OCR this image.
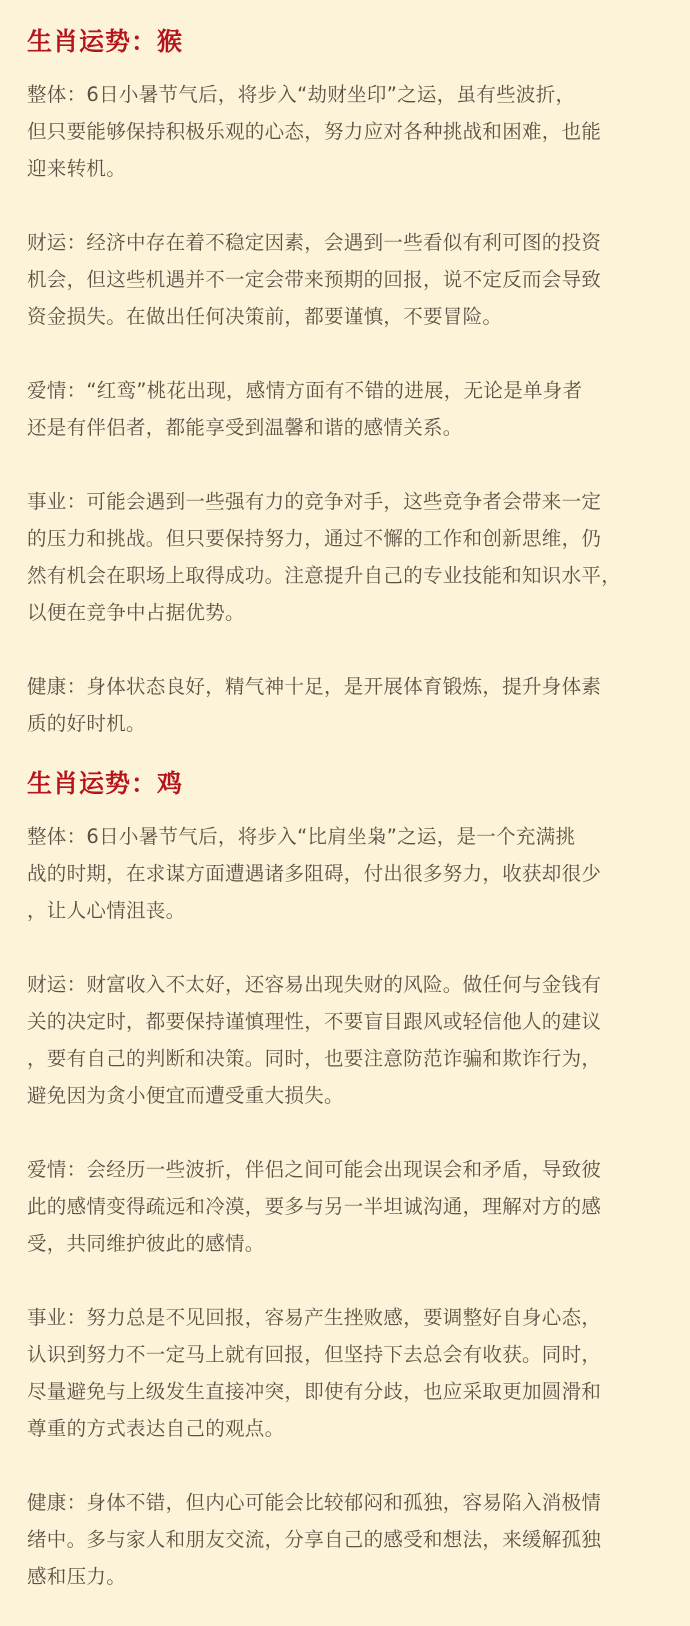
生肖运势：猴

整体：6日小暑节气后，将步入“劫财坐印”之运，虽有些波折，
但只要能够保持积极乐观的心态，努力应对各种挑战和困难，也能
迎来转机。

财运：经济中存在着不稳定因素，会遇到一些看似有利可图的投资
机会，但这些机遇并不一定会带来预期的回报，说不定反而会导致
资金损失。在做出任何决策前，都要谨慎，不要冒险。

爱情：“红鸾”桃花出现，感情方面有不错的进展，无论是单身者
还是有伴侣者，都能享受到温馨和谐的感情关系。

事业：可能会遇到一些强有力的竞争对手，这些竞争者会带来一定
的压力和挑战。但只要保持努力，通过不懈的工作和创新思维，仍
然有机会在职场上取得成功。注意提升自己的专业技能和知识水平，
以便在竞争中占据优势。

健康：身体状态良好，精气神十足，是开展体育锻炼，提升身体素
质的好时机。

生肖运势：鸡

整体：6日小暑节气后，将步入“比肩坐枭”之运，是一个充满挑
战的时期，在求谋方面遭遇诸多阻碍，付出很多努力，收获却很少
，让人心情沮丧。

财运：财富收入不太好，还容易出现失财的风险。做任何与金钱有
关的决定时，都要保持谨慎理性，不要盲目跟风或轻信他人的建议
，要有自己的判断和决策。同时，也要注意防范诈骗和欺诈行为，
避免因为贪小便宜而遭受重大损失。

爱情：会经历一些波折，伴侣之间可能会出现误会和矛盾，导致彼
此的感情变得疏远和冷漠，要多与另一半坦诚沟通，理解对方的感
受，共同维护彼此的感情。

事业：努力总是不见回报，容易产生挫败感，要调整好自身心态，
认识到努力不一定马上就有回报，但坚持下去总会有收获。同时，
尽量避免与上级发生直接冲突，即使有分歧，也应采取更加圆滑和
尊重的方式表达自己的观点。

健康：身体不错，但内心可能会比较郁闷和孤独，容易陷入消极情
绪中。多与家人和朋友交流，分享自己的感受和想法，来缓解孤独
感和压力。
